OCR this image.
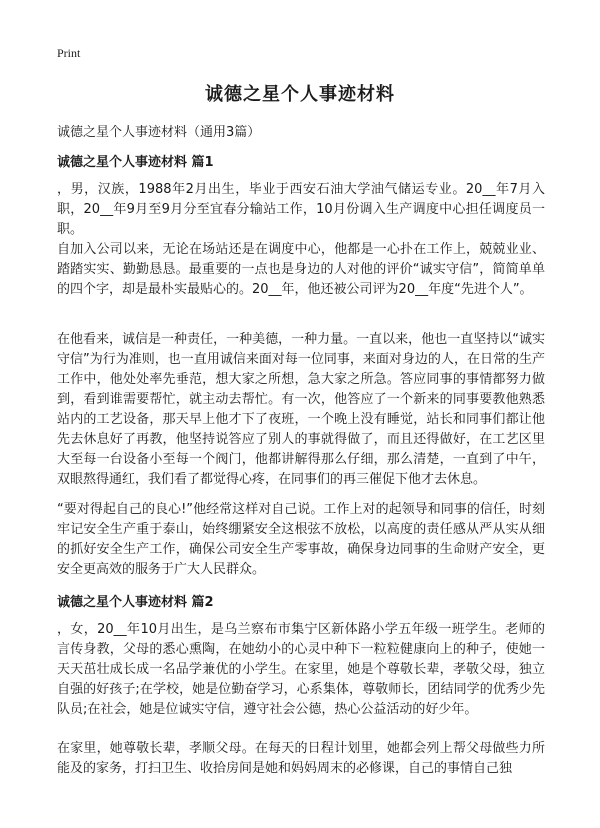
Print
诚德之星个人事迹材料
诚德之星个人事迹材料（通用3篇）
诚德之星个人事迹材料 篇1
，男，汉族，1988年2月出生，毕业于西安石油大学油气储运专业。20__年7月入职，20__年9月至9月分至宜春分输站工作，10月份调入生产调度中心担任调度员一职。
自加入公司以来，无论在场站还是在调度中心，他都是一心扑在工作上，兢兢业业、踏踏实实、勤勤恳恳。最重要的一点也是身边的人对他的评价“诚实守信”，简简单单的四个字，却是最朴实最贴心的。20__年，他还被公司评为20__年度“先进个人”。
在他看来，诚信是一种责任，一种美德，一种力量。一直以来，他也一直坚持以“诚实守信”为行为准则，也一直用诚信来面对每一位同事，来面对身边的人，在日常的生产工作中，他处处率先垂范，想大家之所想，急大家之所急。答应同事的事情都努力做到，看到谁需要帮忙，就主动去帮忙。有一次，他答应了一个新来的同事要教他熟悉站内的工艺设备，那天早上他才下了夜班，一个晚上没有睡觉，站长和同事们都让他先去休息好了再教，他坚持说答应了别人的事就得做了，而且还得做好，在工艺区里大至每一台设备小至每一个阀门，他都讲解得那么仔细，那么清楚，一直到了中午，双眼熬得通红，我们看了都觉得心疼，在同事们的再三催促下他才去休息。
“要对得起自己的良心!”他经常这样对自己说。工作上对的起领导和同事的信任，时刻牢记安全生产重于泰山，始终绷紧安全这根弦不放松，以高度的责任感从严从实从细的抓好安全生产工作，确保公司安全生产零事故，确保身边同事的生命财产安全，更安全更高效的服务于广大人民群众。
诚德之星个人事迹材料 篇2
，女，20__年10月出生，是乌兰察布市集宁区新体路小学五年级一班学生。老师的言传身教，父母的悉心熏陶，在她幼小的心灵中种下一粒粒健康向上的种子，使她一天天茁壮成长成一名品学兼优的小学生。在家里，她是个尊敬长辈，孝敬父母，独立自强的好孩子;在学校，她是位勤奋学习，心系集体，尊敬师长，团结同学的优秀少先队员;在社会，她是位诚实守信，遵守社会公德，热心公益活动的好少年。
在家里，她尊敬长辈，孝顺父母。在每天的日程计划里，她都会列上帮父母做些力所能及的家务，打扫卫生、收拾房间是她和妈妈周末的必修课，自己的事情自己独
